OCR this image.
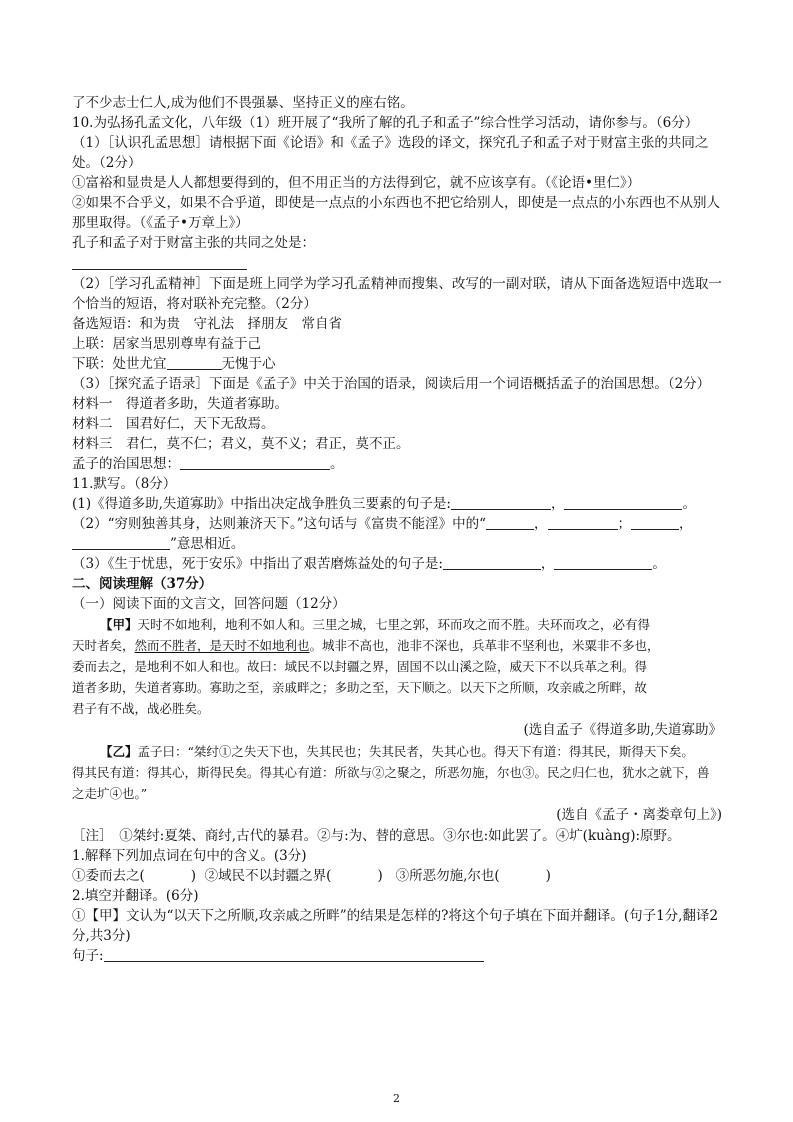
了不少志士仁人,成为他们不畏强暴、坚持正义的座右铭。

10.为弘扬孔孟文化，八年级（1）班开展了“我所了解的孔子和孟子”综合性学习活动，请你参与。（6分）

（1）［认识孔孟思想］请根据下面《论语》和《孟子》选段的译文，探究孔子和孟子对于财富主张的共同之处。（2分）

①富裕和显贵是人人都想要得到的，但不用正当的方法得到它，就不应该享有。（《论语•里仁》）

②如果不合乎义，如果不合乎道，即使是一点点的小东西也不把它给别人，即使是一点点的小东西也不从别人那里取得。（《孟子•万章上》）

孔子和孟子对于财富主张的共同之处是：

（2）［学习孔孟精神］下面是班上同学为学习孔孟精神而搜集、改写的一副对联，请从下面备选短语中选取一个恰当的短语，将对联补充完整。（2分）

备选短语：和为贵　守礼法　择朋友　常自省

上联：居家当思别尊卑有益于己

下联：处世尤宜	无愧于心

（3）［探究孟子语录］下面是《孟子》中关于治国的语录，阅读后用一个词语概括孟子的治国思想。（2分）

材料一　得道者多助，失道者寡助。

材料二　国君好仁，天下无敌焉。

材料三　君仁，莫不仁；君义，莫不义；君正，莫不正。

孟子的治国思想：	。

11.默写。（8分）

(1)《得道多助,失道寡助》中指出决定战争胜负三要素的句子是:	，	。

（2）“穷则独善其身，达则兼济天下。”这句话与《富贵不能淫》中的“	，	；	，

”意思相近。

（3）《生于忧患，死于安乐》中指出了艰苦磨炼益处的句子是:	，	。

二、阅读理解（37分）

（一）阅读下面的文言文，回答问题（12分）

【甲】天时不如地利，地利不如人和。三里之城，七里之郭，环而攻之而不胜。夫环而攻之，必有得

天时者矣，然而不胜者，是天时不如地利也。城非不高也，池非不深也，兵革非不坚利也，米粟非不多也，

委而去之，是地利不如人和也。故曰：域民不以封疆之界，固国不以山溪之险，威天下不以兵革之利。得

道者多助，失道者寡助。寡助之至，亲戚畔之；多助之至，天下顺之。以天下之所顺，攻亲戚之所畔，故

君子有不战，战必胜矣。

(选自孟子《得道多助,失道寡助》

【乙】孟子曰：“桀纣①之失天下也，失其民也；失其民者，失其心也。得天下有道：得其民，斯得天下矣。

得其民有道：得其心，斯得民矣。得其心有道：所欲与②之聚之，所恶勿施，尔也③。民之归仁也，犹水之就下，兽

之走圹④也。”

(选自《孟子・离娄章句上》)

［注］　①桀纣:夏桀、商纣,古代的暴君。②与:为、替的意思。③尔也:如此罢了。④圹(kuàng):原野。

1.解释下列加点词在句中的含义。(3分)

①委而去之(	) ②域民不以封疆之界(	) ③所恶勿施,尔也(	)

2.填空并翻译。(6分)

①【甲】文认为“以天下之所顺,攻亲戚之所畔”的结果是怎样的?将这个句子填在下面并翻译。(句子1分,翻译2分,共3分)

句子:

2
